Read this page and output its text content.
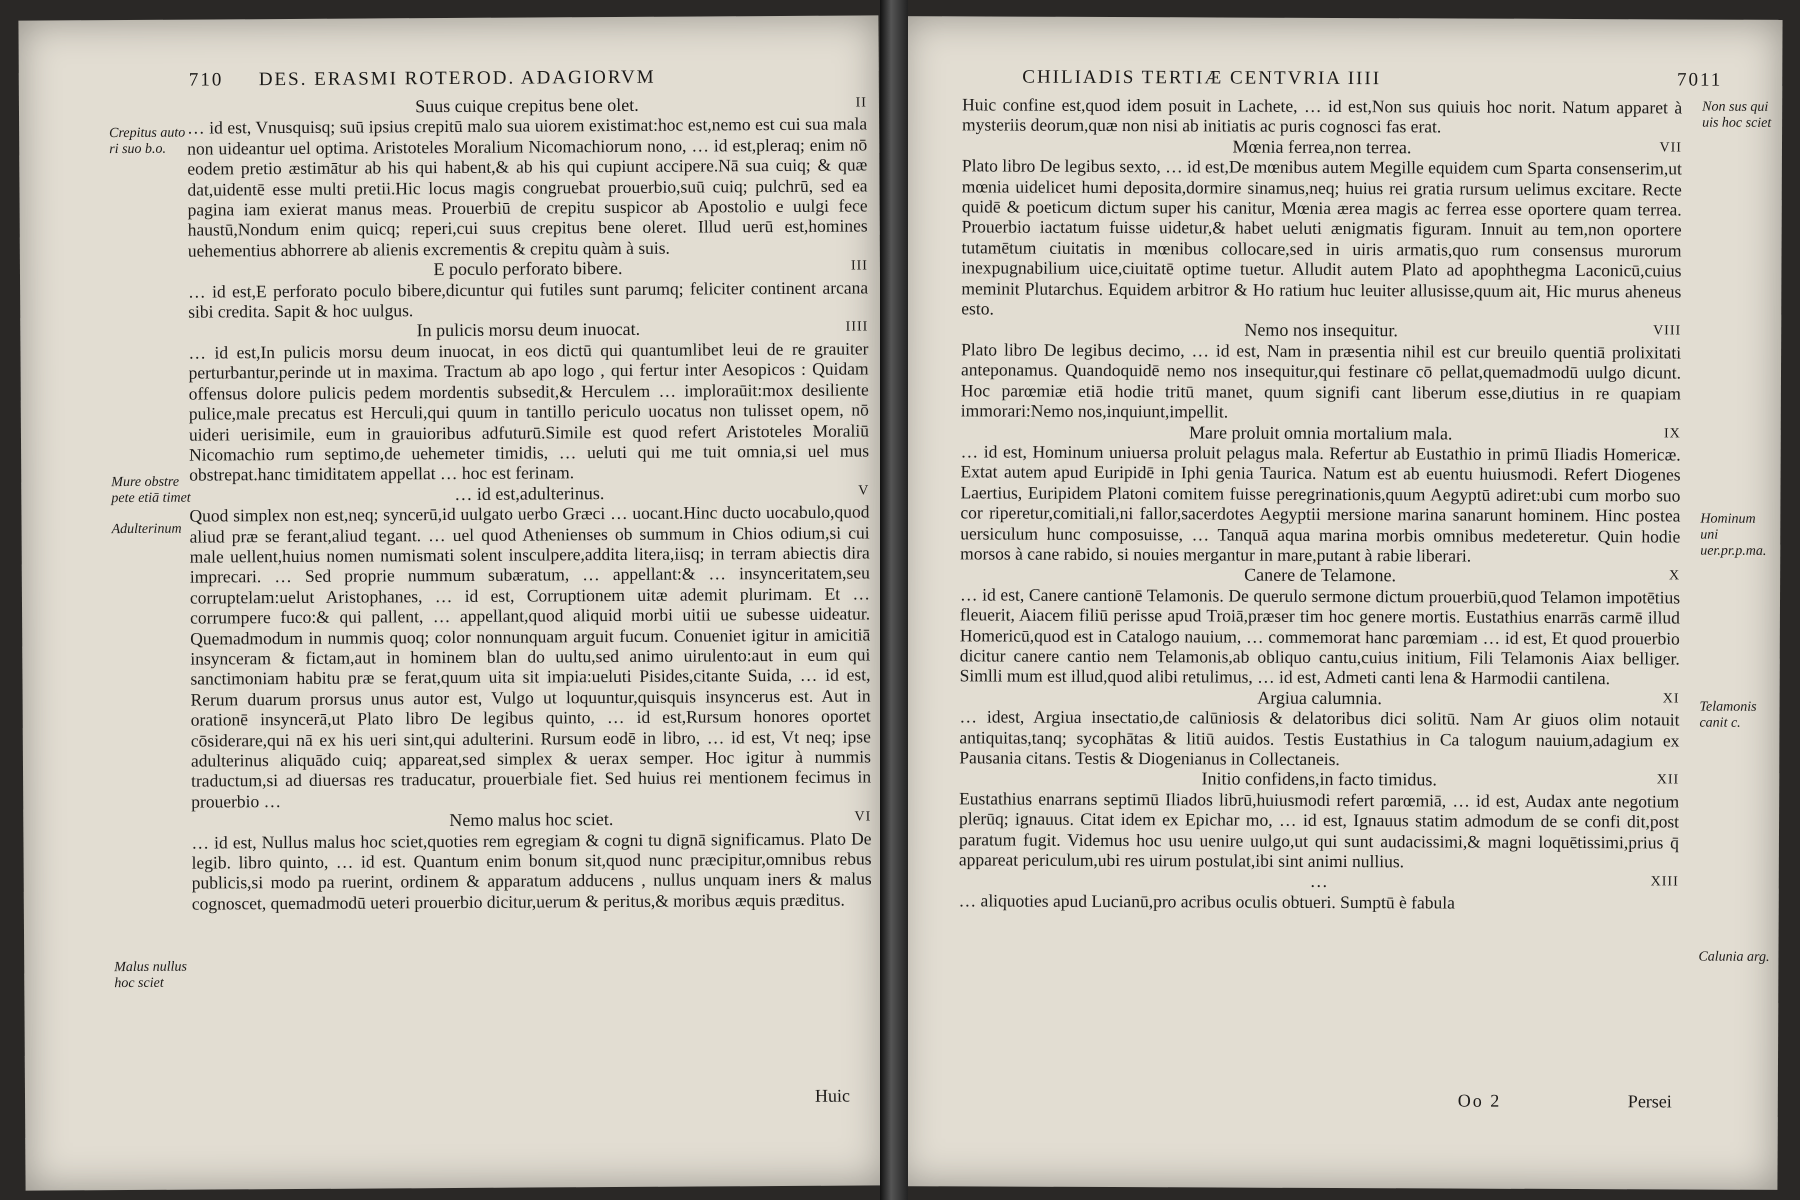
710 DES. ERASMI ROTEROD. ADAGIORVM
Crepitus auto ri suo b.o.
Mure obstre pete etiā timet
Adulterinum
Malus nullus hoc sciet
Suus cuique crepitus bene olet.	II

… id est, Vnusquisq; suū ipsius crepitū malo sua uiorem existimat:hoc est,nemo est cui sua mala non uideantur uel optima. Aristoteles Moralium Nicomachiorum nono, … id est,pleraq; enim nō eodem pretio æstimātur ab his qui habent,& ab his qui cupiunt accipere.Nā sua cuiq; & quæ dat,uidentē esse multi pretii.Hic locus magis congruebat prouerbio,suū cuiq; pulchrū, sed ea pagina iam exierat manus meas. Prouerbiū de crepitu suspicor ab Apostolio e uulgi fece haustū,Nondum enim quicq; reperi,cui suus crepitus bene oleret. Illud uerū est,homines uehementius abhorrere ab alienis excrementis & crepitu quàm à suis.

E poculo perforato bibere.	III

… id est,E perforato poculo bibere,dicuntur qui futiles sunt parumq; feliciter continent arcana sibi credita. Sapit & hoc uulgus.

In pulicis morsu deum inuocat.	IIII

… id est,In pulicis morsu deum inuocat, in eos dictū qui quantumlibet leui de re grauiter perturbantur,perinde ut in maxima. Tractum ab apo logo , qui fertur inter Aesopicos : Quidam offensus dolore pulicis pedem mordentis subsedit,& Herculem … imploraūit:mox desiliente pulice,male precatus est Herculi,qui quum in tantillo periculo uocatus non tulisset opem, nō uideri uerisimile, eum in grauioribus adfuturū.Simile est quod refert Aristoteles Moraliū Nicomachio rum septimo,de uehemeter timidis, … ueluti qui me tuit omnia,si uel mus obstrepat.hanc timiditatem appellat … hoc est ferinam.

… id est,adulterinus.	V

Quod simplex non est,neq; syncerū,id uulgato uerbo Græci … uocant.Hinc ducto uocabulo,quod aliud præ se ferant,aliud tegant. … uel quod Athenienses ob summum in Chios odium,si cui male uellent,huius nomen numismati solent insculpere,addita litera,iisq; in terram abiectis dira imprecari. … Sed proprie nummum subæratum, … appellant:& … insynceritatem,seu corruptelam:uelut Aristophanes, … id est, Corruptionem uitæ ademit plurimam. Et … corrumpere fuco:& qui pallent, … appellant,quod aliquid morbi uitii ue subesse uideatur. Quemadmodum in nummis quoq; color nonnunquam arguit fucum. Conueniet igitur in amicitiā insynceram & fictam,aut in hominem blan do uultu,sed animo uirulento:aut in eum qui sanctimoniam habitu præ se ferat,quum uita sit impia:ueluti Pisides,citante Suida, … id est, Rerum duarum prorsus unus autor est, Vulgo ut loquuntur,quisquis insyncerus est. Aut in orationē insyncerā,ut Plato libro De legibus quinto, … id est,Rursum honores oportet cōsiderare,qui nā ex his ueri sint,qui adulterini. Rursum eodē in libro, … id est, Vt neq; ipse adulterinus aliquādo cuiq; appareat,sed simplex & uerax semper. Hoc igitur à nummis traductum,si ad diuersas res traducatur, prouerbiale fiet. Sed huius rei mentionem fecimus in prouerbio …

Nemo malus hoc sciet.	VI

… id est, Nullus malus hoc sciet,quoties rem egregiam & cogni tu dignā significamus. Plato De legib. libro quinto, … id est. Quantum enim bonum sit,quod nunc præcipitur,omnibus rebus publicis,si modo pa ruerint, ordinem & apparatum adducens , nullus unquam iners & malus cognoscet, quemadmodū ueteri prouerbio dicitur,uerum & peritus,& moribus æquis præditus.

Huic
CHILIADIS TERTIÆ CENTVRIA IIII	7011
Non sus qui uis hoc sciet
Hominum uni uer.pr.p.ma.
Telamonis canit c.
Calunia arg.

Huic confine est,quod idem posuit in Lachete, … id est,Non sus quiuis hoc norit. Natum apparet à mysteriis deorum,quæ non nisi ab initiatis ac puris cognosci fas erat.

Mœnia ferrea,non terrea.	VII

Plato libro De legibus sexto, … id est,De mœnibus autem Megille equidem cum Sparta consenserim,ut mœnia uidelicet humi deposita,dormire sinamus,neq; huius rei gratia rursum uelimus excitare. Recte quidē & poeticum dictum super his canitur, Mœnia ærea magis ac ferrea esse oportere quam terrea. Prouerbio iactatum fuisse uidetur,& habet ueluti ænigmatis figuram. Innuit au tem,non oportere tutamētum ciuitatis in mœnibus collocare,sed in uiris armatis,quo rum consensus murorum inexpugnabilium uice,ciuitatē optime tuetur. Alludit autem Plato ad apophthegma Laconicū,cuius meminit Plutarchus. Equidem arbitror & Ho ratium huc leuiter allusisse,quum ait, Hic murus aheneus esto.

Nemo nos insequitur.	VIII

Plato libro De legibus decimo, … id est, Nam in præsentia nihil est cur breuilo quentiā prolixitati anteponamus. Quandoquidē nemo nos insequitur,qui festinare cō pellat,quemadmodū uulgo dicunt. Hoc parœmiæ etiā hodie tritū manet, quum signifi cant liberum esse,diutius in re quapiam immorari:Nemo nos,inquiunt,impellit.

Mare proluit omnia mortalium mala.	IX

… id est, Hominum uniuersa proluit pelagus mala. Refertur ab Eustathio in primū Iliadis Homericæ. Extat autem apud Euripidē in Iphi genia Taurica. Natum est ab euentu huiusmodi. Refert Diogenes Laertius, Euripidem Platoni comitem fuisse peregrinationis,quum Aegyptū adiret:ubi cum morbo suo cor riperetur,comitiali,ni fallor,sacerdotes Aegyptii mersione marina sanarunt hominem. Hinc postea uersiculum hunc composuisse, … Tanquā aqua marina morbis omnibus medeteretur. Quin hodie morsos à cane rabido, si nouies mergantur in mare,putant à rabie liberari.

Canere de Telamone.	X

… id est, Canere cantionē Telamonis. De querulo sermone dictum prouerbiū,quod Telamon impotētius fleuerit, Aiacem filiū perisse apud Troiā,præser tim hoc genere mortis. Eustathius enarrās carmē illud Homericū,quod est in Catalogo nauium, … commemorat hanc parœmiam … id est, Et quod prouerbio dicitur canere cantio nem Telamonis,ab obliquo cantu,cuius initium, Fili Telamonis Aiax belliger. Simlli mum est illud,quod alibi retulimus, … id est, Admeti canti lena & Harmodii cantilena.

Argiua calumnia.	XI

… idest, Argiua insectatio,de calūniosis & delatoribus dici solitū. Nam Ar giuos olim notauit antiquitas,tanq; sycophātas & litiū auidos. Testis Eustathius in Ca talogum nauium,adagium ex Pausania citans. Testis & Diogenianus in Collectaneis.

Initio confidens,in facto timidus.	XII

Eustathius enarrans septimū Iliados librū,huiusmodi refert parœmiā, … id est, Audax ante negotium plerūq; ignauus. Citat idem ex Epichar mo, … id est, Ignauus statim admodum de se confi dit,post paratum fugit. Videmus hoc usu uenire uulgo,ut qui sunt audacissimi,& magni loquētissimi,prius q̄ appareat periculum,ubi res uirum postulat,ibi sint animi nullius.

…	XIII

… aliquoties apud Lucianū,pro acribus oculis obtueri. Sumptū è fabula

Oo 2	Persei
